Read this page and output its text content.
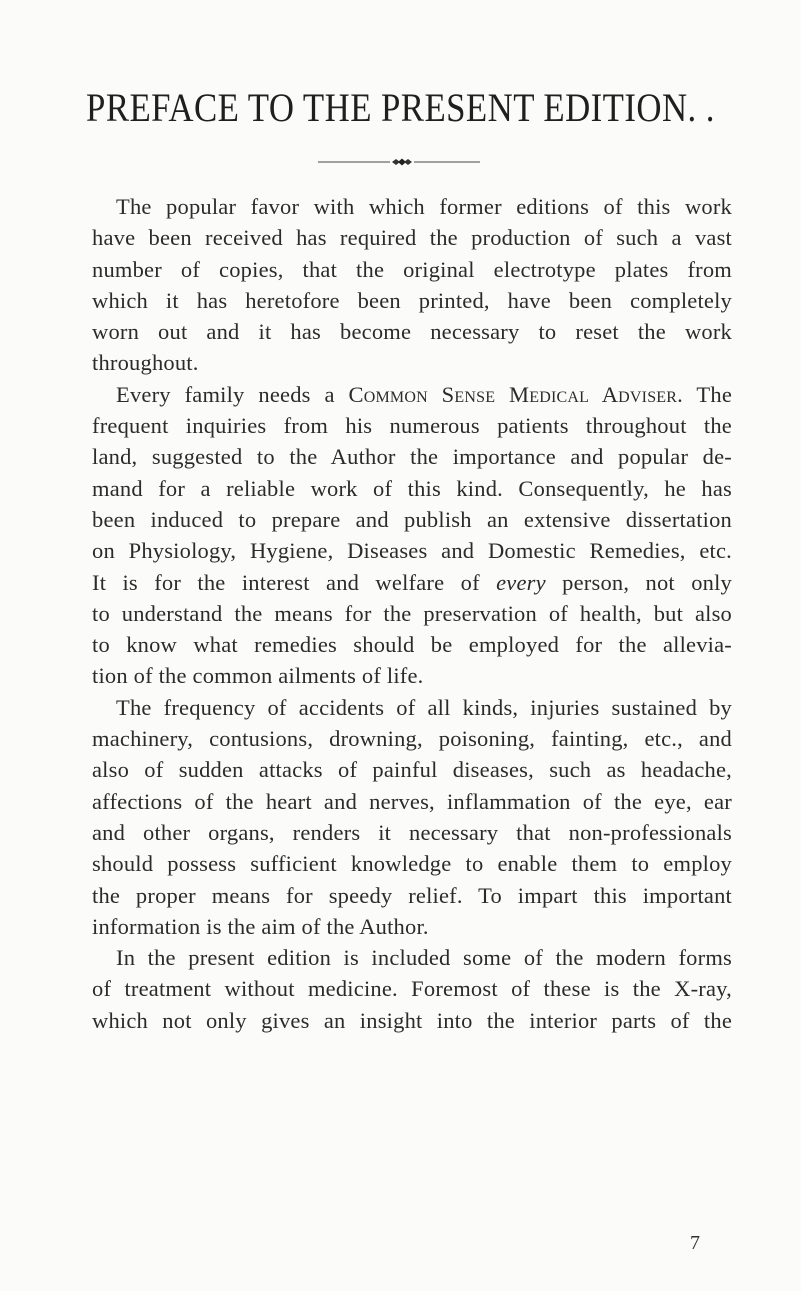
PREFACE TO THE PRESENT EDITION. .
The popular favor with which former editions of this work
have been received has required the production of such a vast
number of copies, that the original electrotype plates from
which it has heretofore been printed, have been completely
worn out and it has become necessary to reset the work
throughout.
Every family needs a Common Sense Medical Adviser. The
frequent inquiries from his numerous patients throughout the
land, suggested to the Author the importance and popular de-
mand for a reliable work of this kind. Consequently, he has
been induced to prepare and publish an extensive dissertation
on Physiology, Hygiene, Diseases and Domestic Remedies, etc.
It is for the interest and welfare of every person, not only
to understand the means for the preservation of health, but also
to know what remedies should be employed for the allevia-
tion of the common ailments of life.
The frequency of accidents of all kinds, injuries sustained by
machinery, contusions, drowning, poisoning, fainting, etc., and
also of sudden attacks of painful diseases, such as headache,
affections of the heart and nerves, inflammation of the eye, ear
and other organs, renders it necessary that non-professionals
should possess sufficient knowledge to enable them to employ
the proper means for speedy relief. To impart this important
information is the aim of the Author.
In the present edition is included some of the modern forms
of treatment without medicine. Foremost of these is the X-ray,
which not only gives an insight into the interior parts of the
7
